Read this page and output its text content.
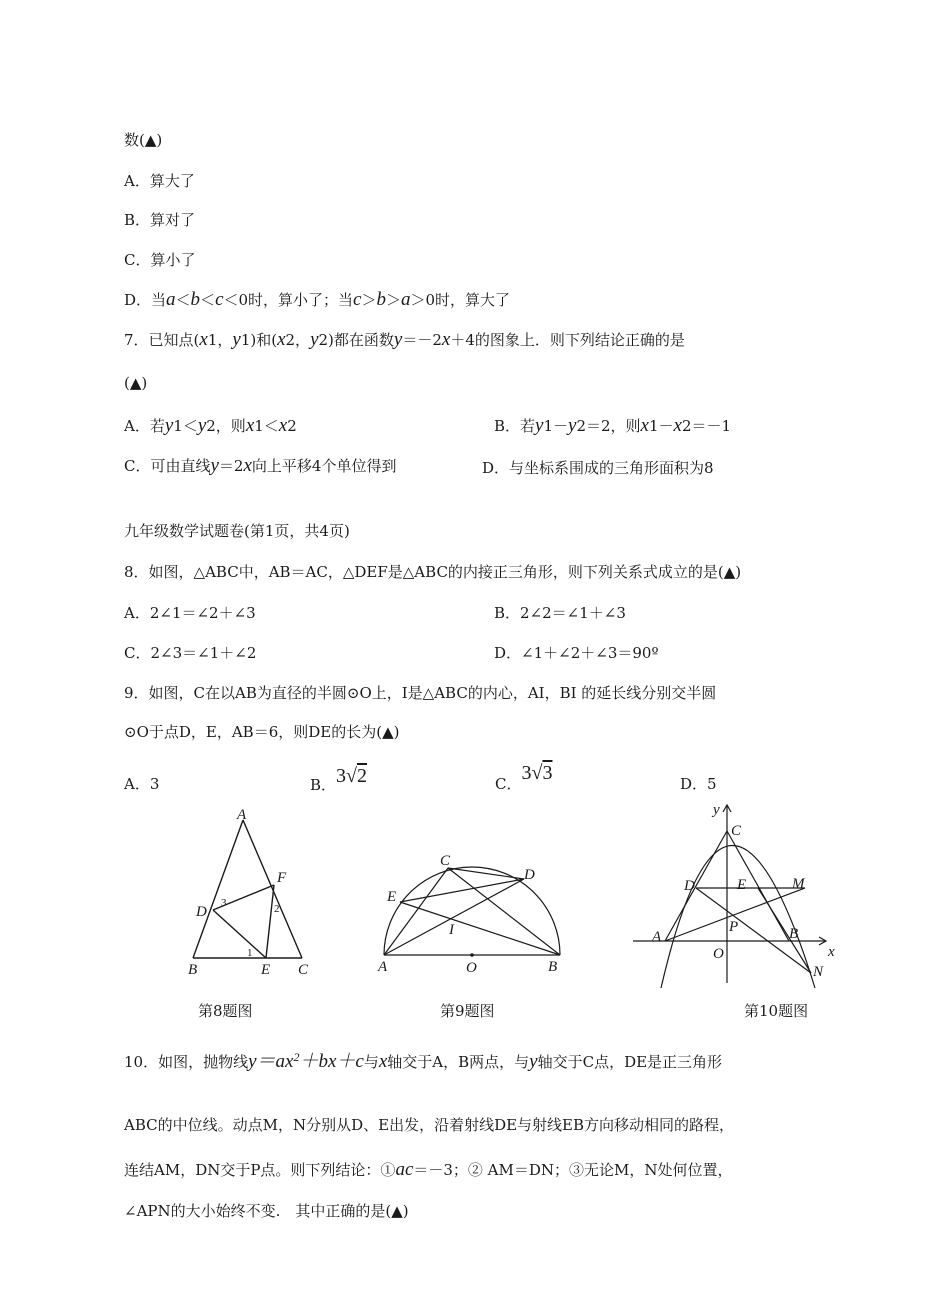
数(▲)
A．算大了
B．算对了
C．算小了
D．当a＜b＜c＜0时，算小了；当c＞b＞a＞0时，算大了
7．已知点(x1，y1)和(x2，y2)都在函数y＝－2x＋4的图象上．则下列结论正确的是
(▲)
A．若y1＜y2，则x1＜x2	B．若y1－y2＝2，则x1－x2＝－1
C．可由直线y＝2x向上平移4个单位得到	D．与坐标系围成的三角形面积为8
九年级数学试题卷(第1页，共4页)
8．如图，△ABC中，AB＝AC，△DEF是△ABC的内接正三角形，则下列关系式成立的是(▲)
A．2∠1＝∠2＋∠3	B．2∠2＝∠1＋∠3
C．2∠3＝∠1＋∠2	D．∠1＋∠2＋∠3＝90º
9．如图，C在以AB为直径的半圆⊙O上，I是△ABC的内心，AI，BI 的延长线分别交半圆
⊙O于点D，E，AB＝6，则DE的长为(▲)
A．3	B．3√2	C．3√3	D．5
A
B	C
D
E
F
1
2
3
第8题图
A	B
C
D
E
I
O
第9题图
y
x
C
D	E	M
A	B
O
P
N
第10题图
10．如图，抛物线$y=ax^2+bx+c$与x轴交于A，B两点，与y轴交于C点，DE是正三角形
ABC的中位线。动点M，N分别从D、E出发，沿着射线DE与射线EB方向移动相同的路程，
连结AM，DN交于P点。则下列结论：①ac＝－3；② AM＝DN；③无论M，N处何位置，
∠APN的大小始终不变.　其中正确的是(▲)
